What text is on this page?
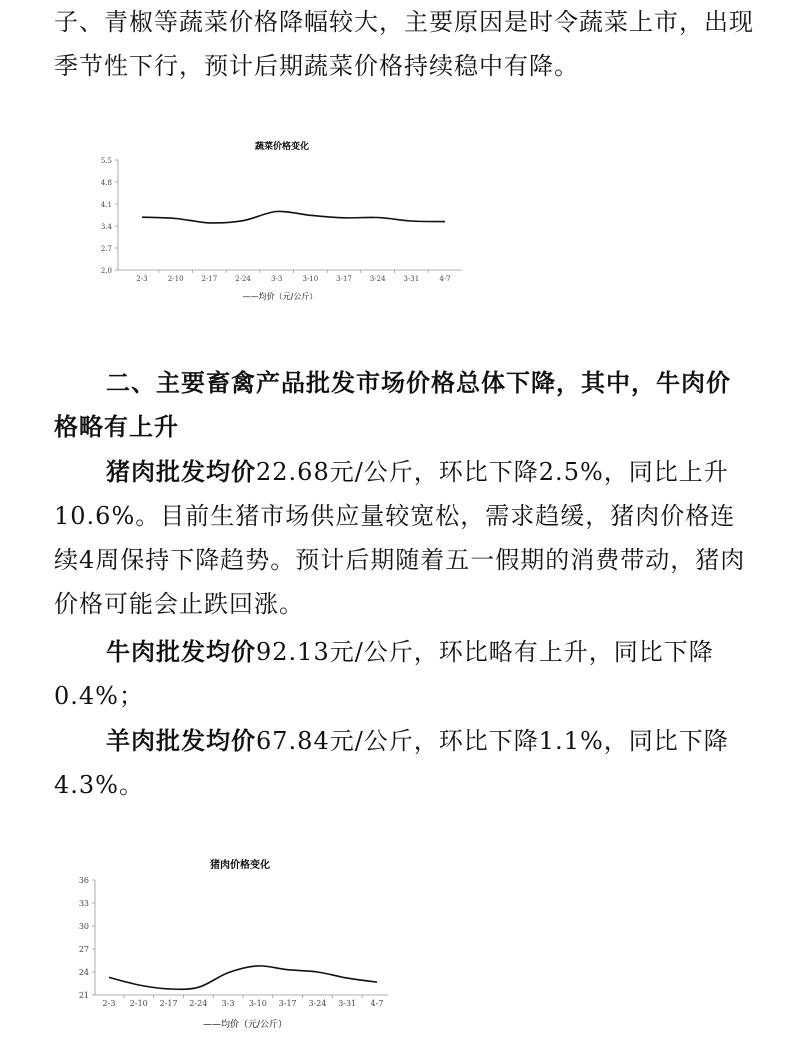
子、青椒等蔬菜价格降幅较大，主要原因是时令蔬菜上市，出现季节性下行，预计后期蔬菜价格持续稳中有降。
蔬菜价格变化
5.5
4.8
4.1
3.4
2.7
2.0
2-3	2-10	2-17	2-24	3-3	3-10	3-17	3-24	3-31	4-7
——均价（元/公斤）
二、主要畜禽产品批发市场价格总体下降，其中，牛肉价格略有上升
猪肉批发均价22.68元/公斤，环比下降2.5%，同比上升10.6%。目前生猪市场供应量较宽松，需求趋缓，猪肉价格连续4周保持下降趋势。预计后期随着五一假期的消费带动，猪肉价格可能会止跌回涨。
牛肉批发均价92.13元/公斤，环比略有上升，同比下降0.4%；
羊肉批发均价67.84元/公斤，环比下降1.1%，同比下降4.3%。
猪肉价格变化
36
33
30
27
24
21
2-3 2-10 2-17 2-24 3-3 3-10 3-17 3-24 3-31 4-7
——均价（元/公斤）
